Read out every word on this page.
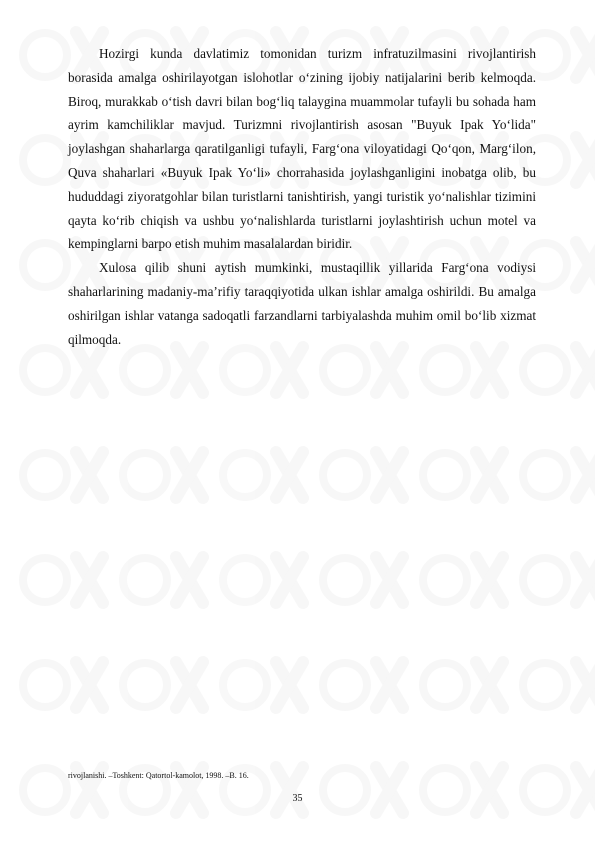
Hozirgi kunda davlatimiz tomonidan turizm infratuzilmasini rivojlantirish borasida amalga oshirilayotgan islohotlar o‘zining ijobiy natijalarini berib kelmoqda. Biroq, murakkab o‘tish davri bilan bog‘liq talaygina muammolar tufayli bu sohada ham ayrim kamchiliklar mavjud. Turizmni rivojlantirish asosan "Buyuk Ipak Yo‘lida" joylashgan shaharlarga qaratilganligi tufayli, Farg‘ona viloyatidagi Qo‘qon, Marg‘ilon, Quva shaharlari «Buyuk Ipak Yo‘li» chorrahasida joylashganligini inobatga olib, bu hududdagi ziyoratgohlar bilan turistlarni tanishtirish, yangi turistik yo‘nalishlar tizimini qayta ko‘rib chiqish va ushbu yo‘nalishlarda turistlarni joylashtirish uchun motel va kempinglarni barpo etish muhim masalalardan biridir.

Xulosa qilib shuni aytish mumkinki, mustaqillik yillarida Farg‘ona vodiysi shaharlarining madaniy-ma’rifiy taraqqiyotida ulkan ishlar amalga oshirildi. Bu amalga oshirilgan ishlar vatanga sadoqatli farzandlarni tarbiyalashda muhim omil bo‘lib xizmat qilmoqda.

rivojlanishi. –Toshkent: Qatortol-kamolot, 1998. –B. 16.
35
